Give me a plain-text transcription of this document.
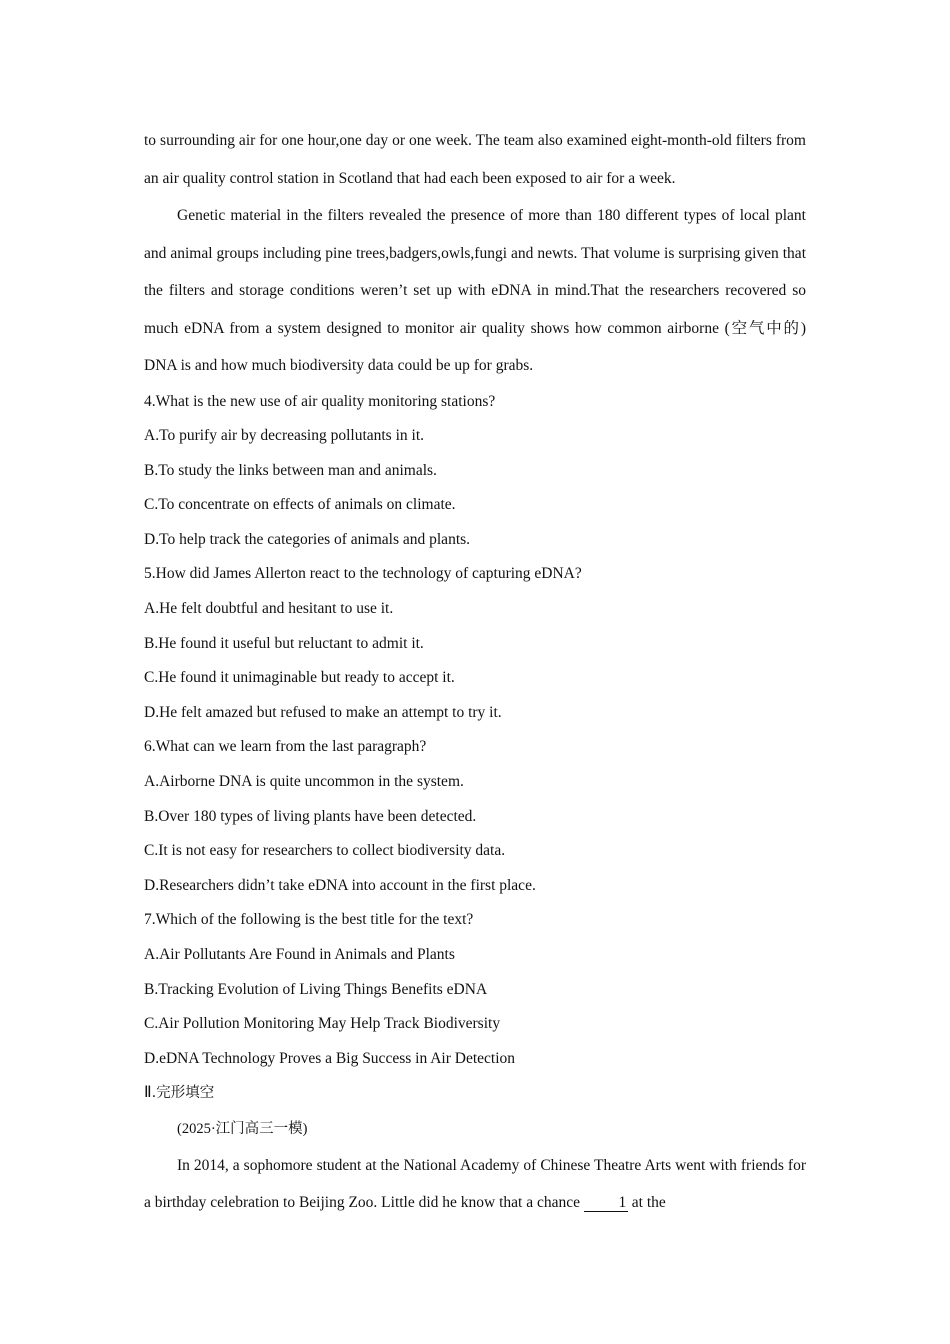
to surrounding air for one hour,one day or one week. The team also examined eight-month-old filters from an air quality control station in Scotland that had each been exposed to air for a week.

Genetic material in the filters revealed the presence of more than 180 different types of local plant and animal groups including pine trees,badgers,owls,fungi and newts. That volume is surprising given that the filters and storage conditions weren’t set up with eDNA in mind.That the researchers recovered so much eDNA from a system designed to monitor air quality shows how common airborne (空气中的) DNA is and how much biodiversity data could be up for grabs.

4.What is the new use of air quality monitoring stations?

A.To purify air by decreasing pollutants in it.

B.To study the links between man and animals.

C.To concentrate on effects of animals on climate.

D.To help track the categories of animals and plants.

5.How did James Allerton react to the technology of capturing eDNA?

A.He felt doubtful and hesitant to use it.

B.He found it useful but reluctant to admit it.

C.He found it unimaginable but ready to accept it.

D.He felt amazed but refused to make an attempt to try it.

6.What can we learn from the last paragraph?

A.Airborne DNA is quite uncommon in the system.

B.Over 180 types of living plants have been detected.

C.It is not easy for researchers to collect biodiversity data.

D.Researchers didn’t take eDNA into account in the first place.

7.Which of the following is the best title for the text?

A.Air Pollutants Are Found in Animals and Plants

B.Tracking Evolution of Living Things Benefits eDNA

C.Air Pollution Monitoring May Help Track Biodiversity

D.eDNA Technology Proves a Big Success in Air Detection

Ⅱ.完形填空

(2025·江门高三一模)

In 2014, a sophomore student at the National Academy of Chinese Theatre Arts went with friends for a birthday celebration to Beijing Zoo. Little did he know that a chance 1 at the
